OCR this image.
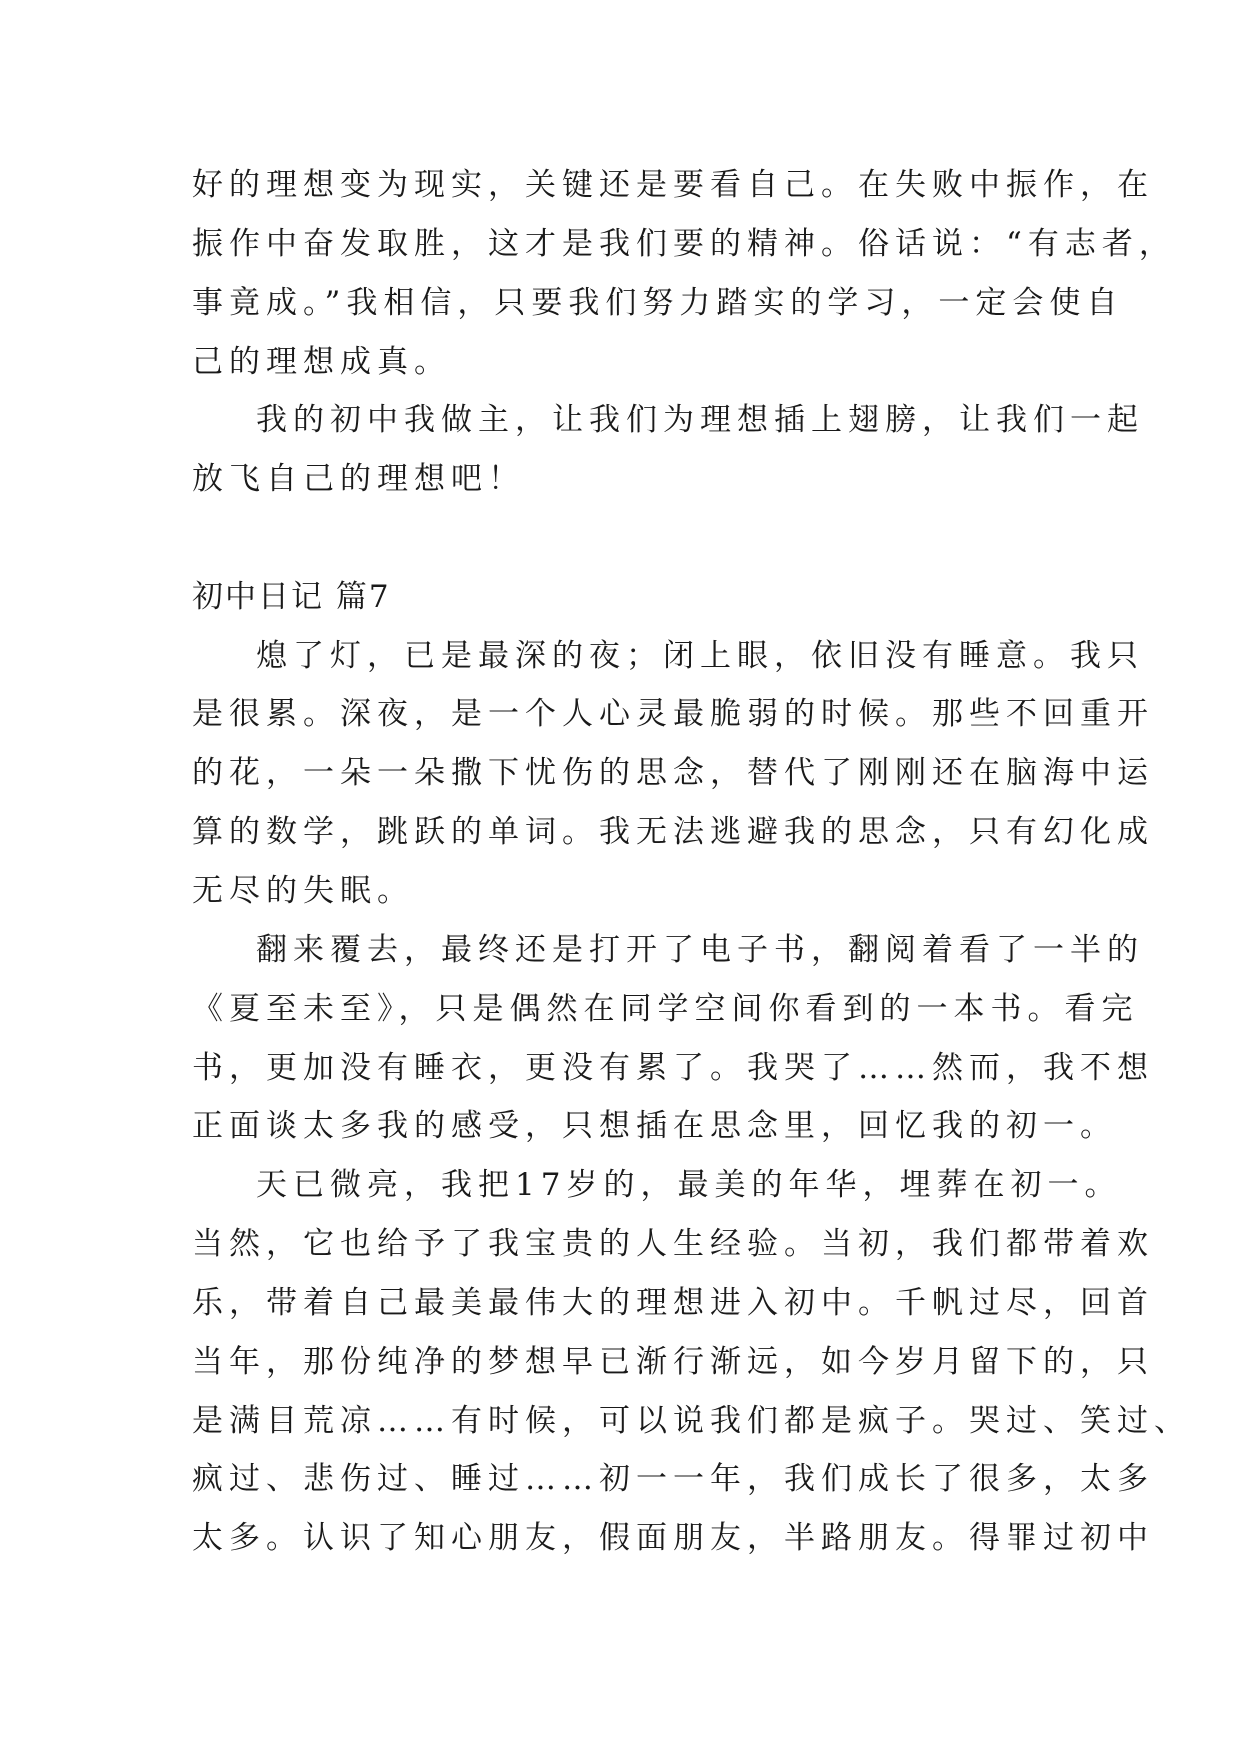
好的理想变为现实，关键还是要看自己。在失败中振作，在
振作中奋发取胜，这才是我们要的精神。俗话说：“有志者，
事竟成。”我相信，只要我们努力踏实的学习，一定会使自
己的理想成真。
我的初中我做主，让我们为理想插上翅膀，让我们一起
放飞自己的理想吧！
初中日记 篇7
熄了灯，已是最深的夜；闭上眼，依旧没有睡意。我只
是很累。深夜，是一个人心灵最脆弱的时候。那些不回重开
的花，一朵一朵撒下忧伤的思念，替代了刚刚还在脑海中运
算的数学，跳跃的单词。我无法逃避我的思念，只有幻化成
无尽的失眠。
翻来覆去，最终还是打开了电子书，翻阅着看了一半的
《夏至未至》，只是偶然在同学空间你看到的一本书。看完
书，更加没有睡衣，更没有累了。我哭了……然而，我不想
正面谈太多我的感受，只想插在思念里，回忆我的初一。
天已微亮，我把17岁的，最美的年华，埋葬在初一。
当然，它也给予了我宝贵的人生经验。当初，我们都带着欢
乐，带着自己最美最伟大的理想进入初中。千帆过尽，回首
当年，那份纯净的梦想早已渐行渐远，如今岁月留下的，只
是满目荒凉……有时候，可以说我们都是疯子。哭过、笑过、
疯过、悲伤过、睡过……初一一年，我们成长了很多，太多
太多。认识了知心朋友，假面朋友，半路朋友。得罪过初中
